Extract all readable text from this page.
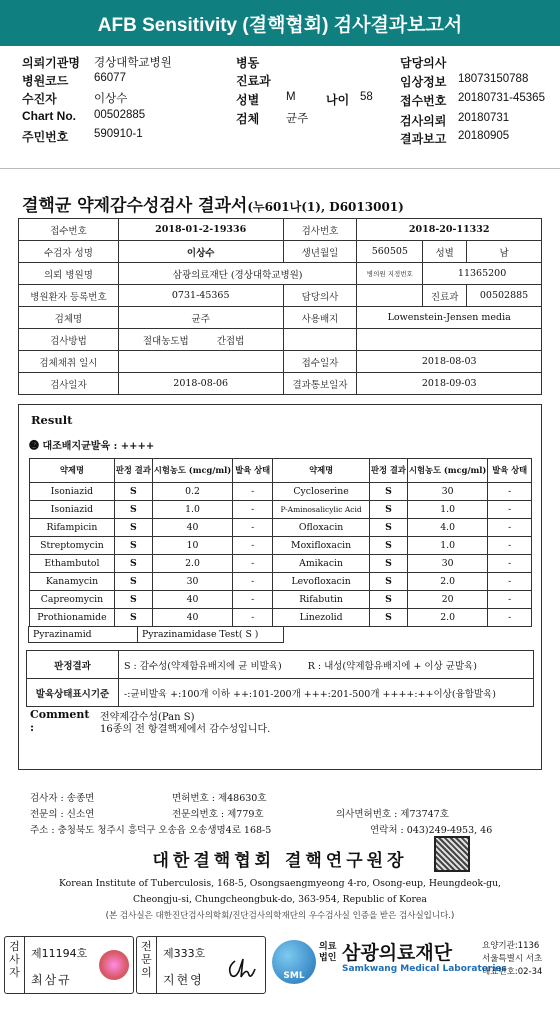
AFB Sensitivity (결핵협회) 검사결과보고서
의뢰기관명 경상대학교병원
병원코드 66077
수진자	이상수
Chart No. 00502885
주민번호 590910-1
병동
진료과
성별 M	나이 58
검체 균주
담당의사
임상정보 18073150788
접수번호 20180731-45365
검사의뢰 20180731
결과보고 20180905
결핵균 약제감수성검사 결과서(누601나(1), D6013001)
접수번호	2018-01-2-19336	검사번호	2018-20-11332		
수검자 성명	이상수	생년월일	560505	성별	남
의뢰 병원명	삼광의료재단 (경상대학교병원)		병의원 지정번호	11365200	
병원환자 등록번호	0731-45365	담당의사		진료과	00502885
검체명	균주	사용배지	Lowenstein-Jensen media		
검사방법	절대농도법 간접법				
검체채취 일시		접수일자	2018-08-03		
검사일자	2018-08-06	결과통보일자	2018-09-03		
Result
❷ 대조배지균발육 : ++++
약제명	판정 결과	시험농도 (mcg/ml)	발육 상태	약제명	판정 결과	시험농도 (mcg/ml)	발육 상태
Isoniazid	S	0.2	-	Cycloserine	S	30	-
Isoniazid	S	1.0	-	P-Aminosalicylic Acid	S	1.0	-
Rifampicin	S	40	-	Ofloxacin	S	4.0	-
Streptomycin	S	10	-	Moxifloxacin	S	1.0	-
Ethambutol	S	2.0	-	Amikacin	S	30	-
Kanamycin	S	30	-	Levofloxacin	S	2.0	-
Capreomycin	S	40	-	Rifabutin	S	20	-
Prothionamide	S	40	-	Linezolid	S	2.0	-
Pyrazinamid	Pyrazinamidase Test( S )
판정결과	S : 감수성(약제함유배지에 균 비발육) R : 내성(약제함유배지에 + 이상 균발육)
발육상태표시기준	-:균비발육 +:100개 이하 ++:101-200개 +++:201-500개 ++++:++이상(융합발육)
Comment :
전약제감수성(Pan S)
16종의 전 항결핵제에서 감수성입니다.
검사자 : 송종면	면허번호 : 제48630호
전문의 : 신소연	전문의번호 : 제779호	의사면허번호 : 제73747호
주소 : 충청북도 청주시 흥덕구 오송읍 오송생명4로 168-5	연락처 : 043)249-4953, 46
대한결핵협회 결핵연구원장
Korean Institute of Tuberculosis, 168-5, Osongsaengmyeong 4-ro, Osong-eup, Heungdeok-gu,
Cheongju-si, Chungcheongbuk-do, 363-954, Republic of Korea
(본 검사실은 대한진단검사의학회/진단검사의학재단의 우수검사실 인증을 받은 검사실입니다.)
검사자
제11194호
최삼규
전문의
제333호
지현영	SML
의료법인 삼광의료재단
Samkwang Medical Laboratories
요양기관:1136
서울특별시 서초
대표번호:02-34
